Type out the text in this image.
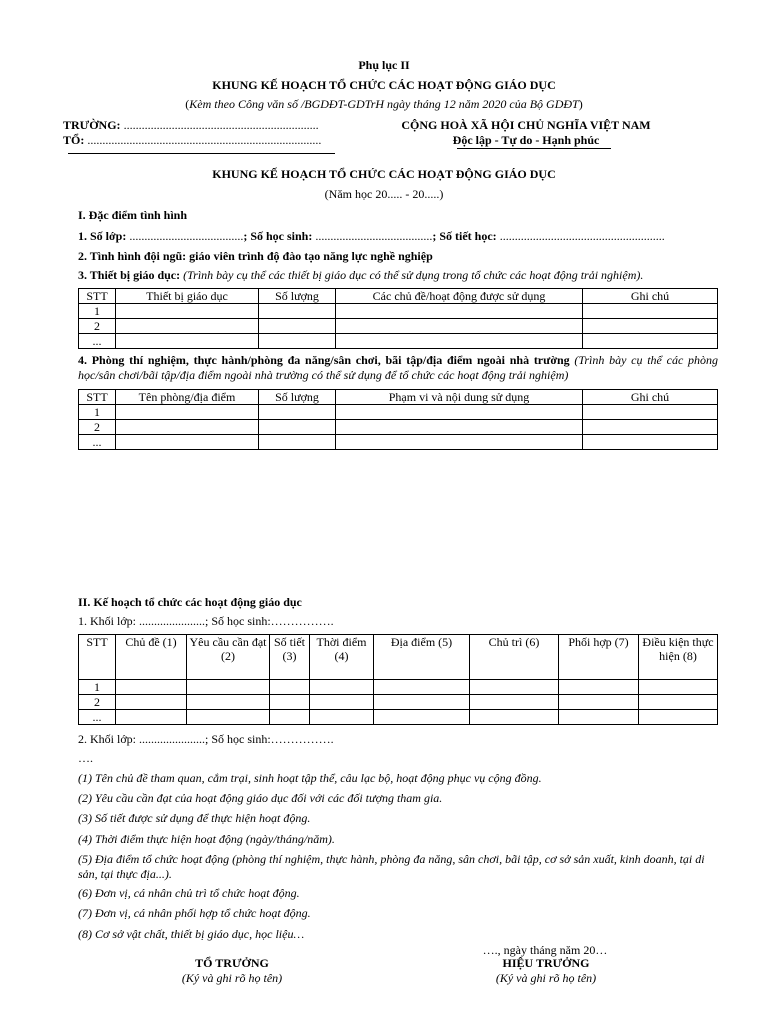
Phụ lục II
KHUNG KẾ HOẠCH TỔ CHỨC CÁC HOẠT ĐỘNG GIÁO DỤC
(Kèm theo Công văn số /BGDĐT-GDTrH ngày tháng 12 năm 2020 của Bộ GDĐT)
TRƯỜNG: .................................................................
TỔ: ..............................................................................
CỘNG HOÀ XÃ HỘI CHỦ NGHĨA VIỆT NAM
Độc lập - Tự do - Hạnh phúc
KHUNG KẾ HOẠCH TỔ CHỨC CÁC HOẠT ĐỘNG GIÁO DỤC
(Năm học 20..... - 20.....)
I. Đặc điểm tình hình
1. Số lớp: ......................................; Số học sinh: .......................................; Số tiết học: .......................................................
2. Tình hình đội ngũ: giáo viên trình độ đào tạo năng lực nghề nghiệp
3. Thiết bị giáo dục: (Trình bày cụ thể các thiết bị giáo dục có thể sử dụng trong tổ chức các hoạt động trải nghiệm).
STT	Thiết bị giáo dục	Số lượng	Các chủ đề/hoạt động được sử dụng	Ghi chú
1				
2				
...				
4. Phòng thí nghiệm, thực hành/phòng đa năng/sân chơi, bãi tập/địa điểm ngoài nhà trường (Trình bày cụ thể các phòng học/sân chơi/bãi tập/địa điểm ngoài nhà trường có thể sử dụng để tổ chức các hoạt động trải nghiệm)
STT	Tên phòng/địa điểm	Số lượng	Phạm vi và nội dung sử dụng	Ghi chú
1				
2				
...				
II. Kế hoạch tổ chức các hoạt động giáo dục
1. Khối lớp: ......................; Số học sinh:…………….
STT	Chủ đề (1)	Yêu cầu cần đạt (2)	Số tiết (3)	Thời điểm (4)	Địa điểm (5)	Chủ trì (6)	Phối hợp (7)	Điều kiện thực hiện (8)
1								
2								
...								
2. Khối lớp: ......................; Số học sinh:…………….
….
(1) Tên chủ đề tham quan, cắm trại, sinh hoạt tập thể, câu lạc bộ, hoạt động phục vụ cộng đồng.
(2) Yêu cầu cần đạt của hoạt động giáo dục đối với các đối tượng tham gia.
(3) Số tiết được sử dụng để thực hiện hoạt động.
(4) Thời điểm thực hiện hoạt động (ngày/tháng/năm).
(5) Địa điểm tổ chức hoạt động (phòng thí nghiệm, thực hành, phòng đa năng, sân chơi, bãi tập, cơ sở sản xuất, kinh doanh, tại di sản, tại thực địa...).
(6) Đơn vị, cá nhân chủ trì tổ chức hoạt động.
(7) Đơn vị, cá nhân phối hợp tổ chức hoạt động.
(8) Cơ sở vật chất, thiết bị giáo dục, học liệu…
…., ngày tháng năm 20…
TỔ TRƯỞNG
(Ký và ghi rõ họ tên)
HIỆU TRƯỞNG
(Ký và ghi rõ họ tên)
